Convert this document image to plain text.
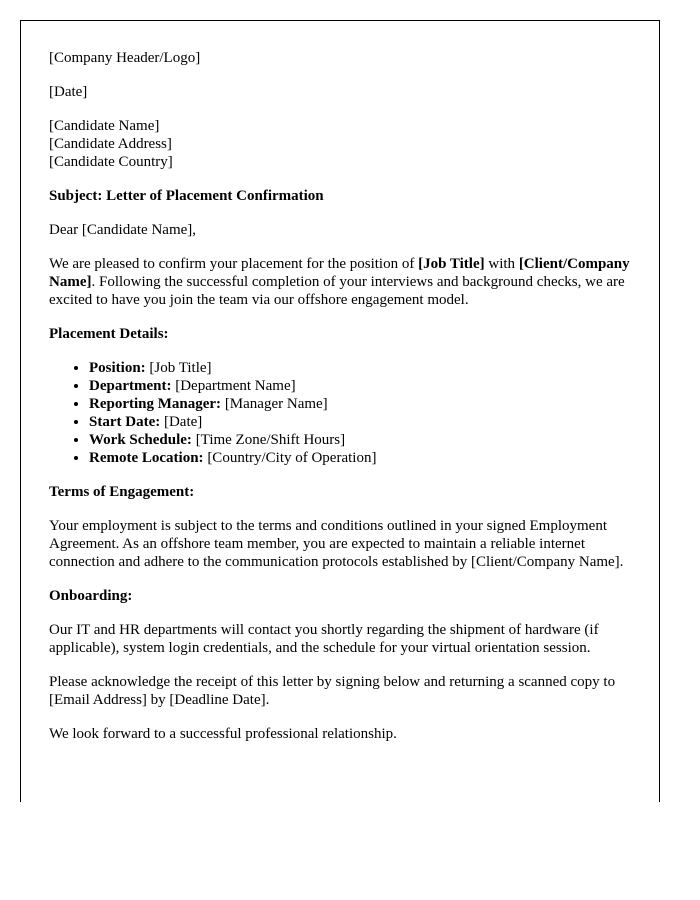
[Company Header/Logo]

[Date]

[Candidate Name]
[Candidate Address]
[Candidate Country]

Subject: Letter of Placement Confirmation

Dear [Candidate Name],

We are pleased to confirm your placement for the position of [Job Title] with [Client/Company Name]. Following the successful completion of your interviews and background checks, we are excited to have you join the team via our offshore engagement model.

Placement Details:

• Position: [Job Title]
• Department: [Department Name]
• Reporting Manager: [Manager Name]
• Start Date: [Date]
• Work Schedule: [Time Zone/Shift Hours]
• Remote Location: [Country/City of Operation]

Terms of Engagement:

Your employment is subject to the terms and conditions outlined in your signed Employment Agreement. As an offshore team member, you are expected to maintain a reliable internet connection and adhere to the communication protocols established by [Client/Company Name].

Onboarding:

Our IT and HR departments will contact you shortly regarding the shipment of hardware (if applicable), system login credentials, and the schedule for your virtual orientation session.

Please acknowledge the receipt of this letter by signing below and returning a scanned copy to [Email Address] by [Deadline Date].

We look forward to a successful professional relationship.
